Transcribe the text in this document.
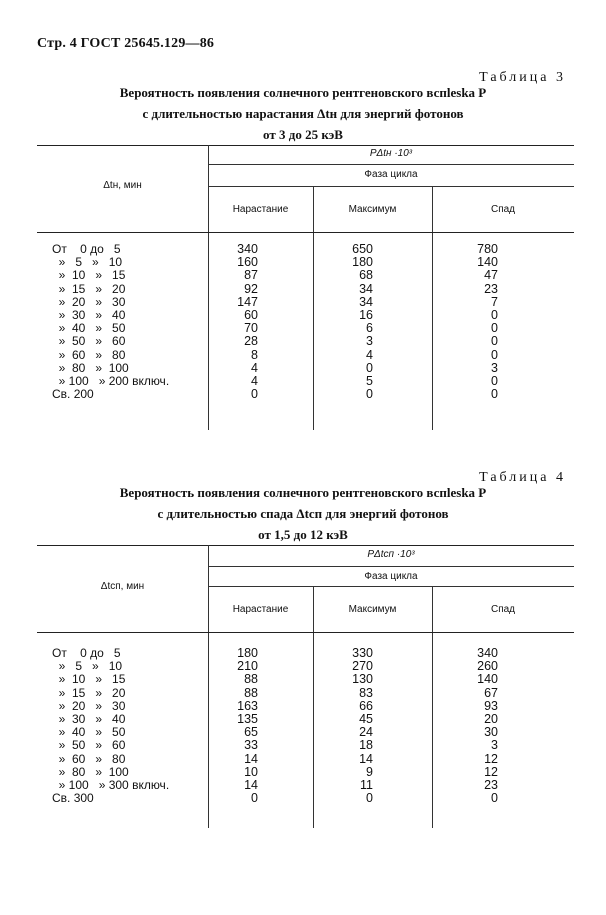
Стр. 4 ГОСТ 25645.129—86
Таблица 3
Вероятность появления солнечного рентгеновского вспleska P
с длительностью нарастания Δtн для энергий фотонов
от 3 до 25 кэВ
Δtн, мин
PΔtн ·10³
Фаза цикла
Нарастание	Максимум	Спад
От    0 до   5	340	650	780
»   5   »   10	160	180	140
»  10   »   15	87	68	47
»  15   »   20	92	34	23
»  20   »   30	147	34	7
»  30   »   40	60	16	0
»  40   »   50	70	6	0
»  50   »   60	28	3	0
»  60   »   80	8	4	0
»  80   »  100	4	0	3
» 100   » 200 включ.	4	5	0
Св. 200	0	0	0
Таблица 4
Вероятность появления солнечного рентгеновского вспleska P
с длительностью спада Δtсп для энергий фотонов
от 1,5 до 12 кэВ
Δtсп, мин
PΔtсп ·10³
Фаза цикла
Нарастание	Максимум	Спад
От    0 до   5	180	330	340
»   5   »   10	210	270	260
»  10   »   15	88	130	140
»  15   »   20	88	83	67
»  20   »   30	163	66	93
»  30   »   40	135	45	20
»  40   »   50	65	24	30
»  50   »   60	33	18	3
»  60   »   80	14	14	12
»  80   »  100	10	9	12
» 100   » 300 включ.	14	11	23
Св. 300	0	0	0
